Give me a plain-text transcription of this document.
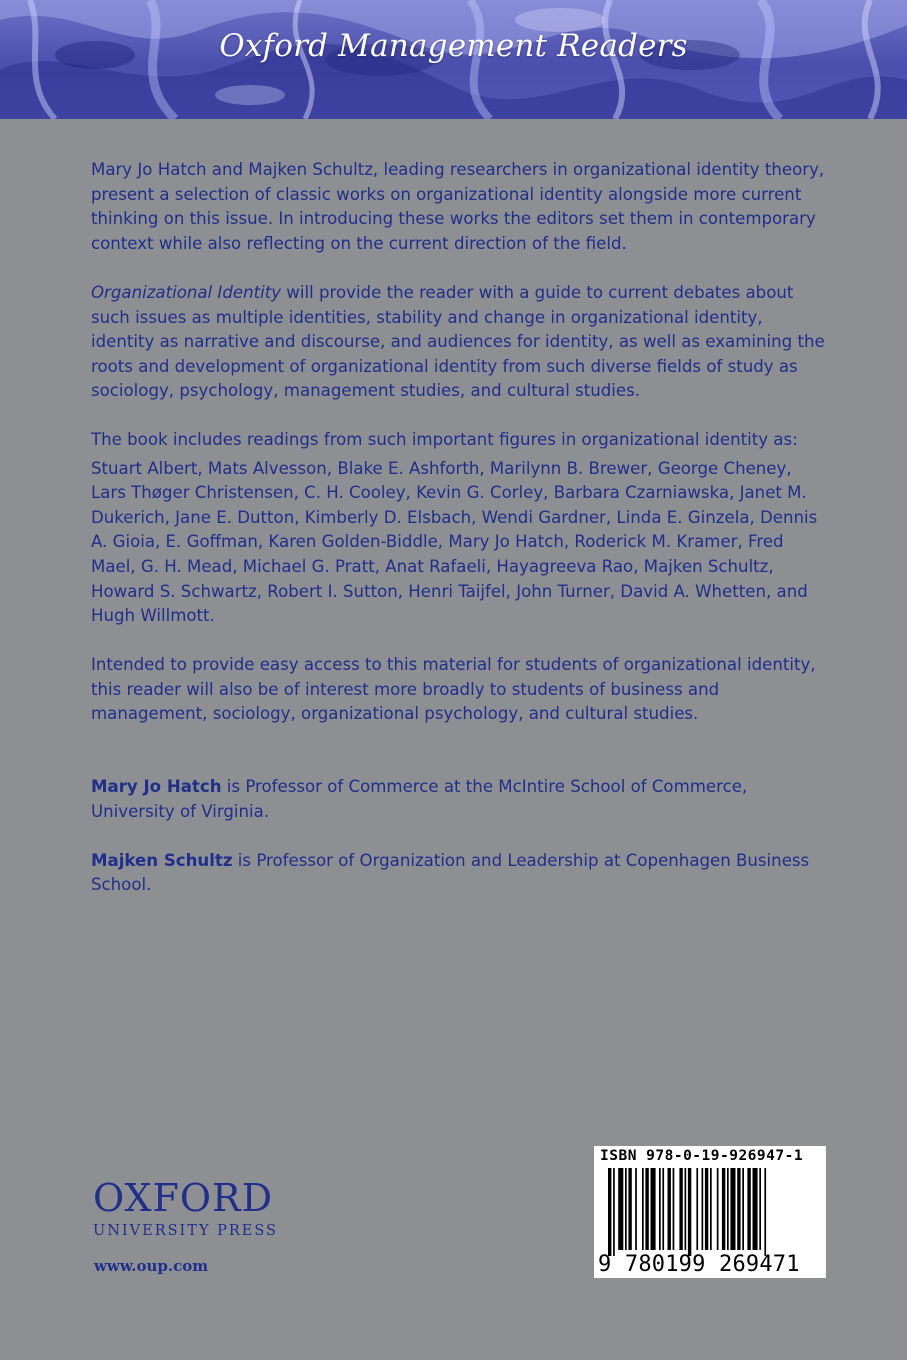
Oxford Management Readers

Mary Jo Hatch and Majken Schultz, leading researchers in organizational identity theory, present a selection of classic works on organizational identity alongside more current thinking on this issue. In introducing these works the editors set them in contemporary context while also reflecting on the current direction of the field.

Organizational Identity will provide the reader with a guide to current debates about such issues as multiple identities, stability and change in organizational identity, identity as narrative and discourse, and audiences for identity, as well as examining the roots and development of organizational identity from such diverse fields of study as sociology, psychology, management studies, and cultural studies.

The book includes readings from such important figures in organizational identity as:

Stuart Albert, Mats Alvesson, Blake E. Ashforth, Marilynn B. Brewer, George Cheney, Lars Thøger Christensen, C. H. Cooley, Kevin G. Corley, Barbara Czarniawska, Janet M. Dukerich, Jane E. Dutton, Kimberly D. Elsbach, Wendi Gardner, Linda E. Ginzela, Dennis A. Gioia, E. Goffman, Karen Golden-Biddle, Mary Jo Hatch, Roderick M. Kramer, Fred Mael, G. H. Mead, Michael G. Pratt, Anat Rafaeli, Hayagreeva Rao, Majken Schultz, Howard S. Schwartz, Robert I. Sutton, Henri Taijfel, John Turner, David A. Whetten, and Hugh Willmott.

Intended to provide easy access to this material for students of organizational identity, this reader will also be of interest more broadly to students of business and management, sociology, organizational psychology, and cultural studies.

Mary Jo Hatch is Professor of Commerce at the McIntire School of Commerce, University of Virginia.

Majken Schultz is Professor of Organization and Leadership at Copenhagen Business School.

OXFORD
UNIVERSITY PRESS
www.oup.com
ISBN 978-0-19-926947-1
9 780199 269471
